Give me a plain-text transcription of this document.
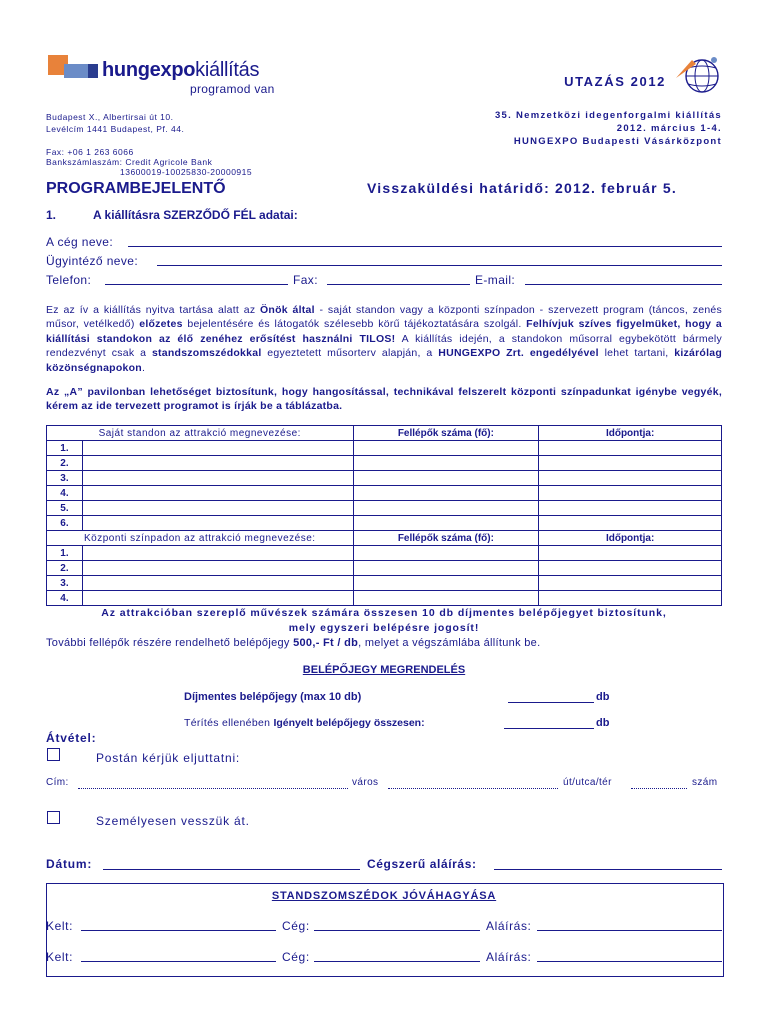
hungexpokiállítás
programod van
Budapest X., Albertirsai út 10.
Levélcím 1441 Budapest, Pf. 44.
Fax: +06 1 263 6066
Bankszámlaszám: Credit Agricole Bank
13600019-10025830-20000915
UTAZÁS 2012
35. Nemzetközi idegenforgalmi kiállítás
2012. március 1-4.
HUNGEXPO Budapesti Vásárközpont
PROGRAMBEJELENTŐ	Visszaküldési határidő: 2012. február 5.
1.	A kiállításra SZERZŐDŐ FÉL adatai:
A cég neve:
Ügyintéző neve:
Telefon:	Fax:	E-mail:
Ez az ív a kiállítás nyitva tartása alatt az Önök által - saját standon vagy a központi színpadon - szervezett program (táncos, zenés műsor, vetélkedő) előzetes bejelentésére és látogatók szélesebb körű tájékoztatására szolgál. Felhívjuk szíves figyelmüket, hogy a kiállítási standokon az élő zenéhez erősítést használni TILOS! A kiállítás idején, a standokon műsorral egybekötött bármely rendezvényt csak a standszomszédokkal egyeztetett műsorterv alapján, a HUNGEXPO Zrt. engedélyével lehet tartani, kizárólag közönségnapokon.
Az „A” pavilonban lehetőséget biztosítunk, hogy hangosítással, technikával felszerelt központi színpadunkat igénybe vegyék, kérem az ide tervezett programot is írják be a táblázatba.
Saját standon az attrakció megnevezése:		Fellépők száma (fő):	Időpontja:
1.			
2.			
3.			
4.			
5.			
6.			
Központi színpadon az attrakció megnevezése:		Fellépők száma (fő):	Időpontja:
1.			
2.			
3.			
4.			
Az attrakcióban szereplő művészek számára összesen 10 db díjmentes belépőjegyet biztosítunk,
mely egyszeri belépésre jogosít!
További fellépők részére rendelhető belépőjegy 500,- Ft / db, melyet a végszámlába állítunk be.
BELÉPŐJEGY MEGRENDELÉS
Díjmentes belépőjegy (max 10 db)	db
Térítés ellenében Igényelt belépőjegy összesen:	db
Átvétel:
Postán kérjük eljuttatni:
Cím:	város	út/utca/tér	szám
Személyesen vesszük át.
Dátum:	Cégszerű aláírás:
STANDSZOMSZÉDOK JÓVÁHAGYÁSA
Kelt:	Cég:	Aláírás:
Kelt:	Cég:	Aláírás:
